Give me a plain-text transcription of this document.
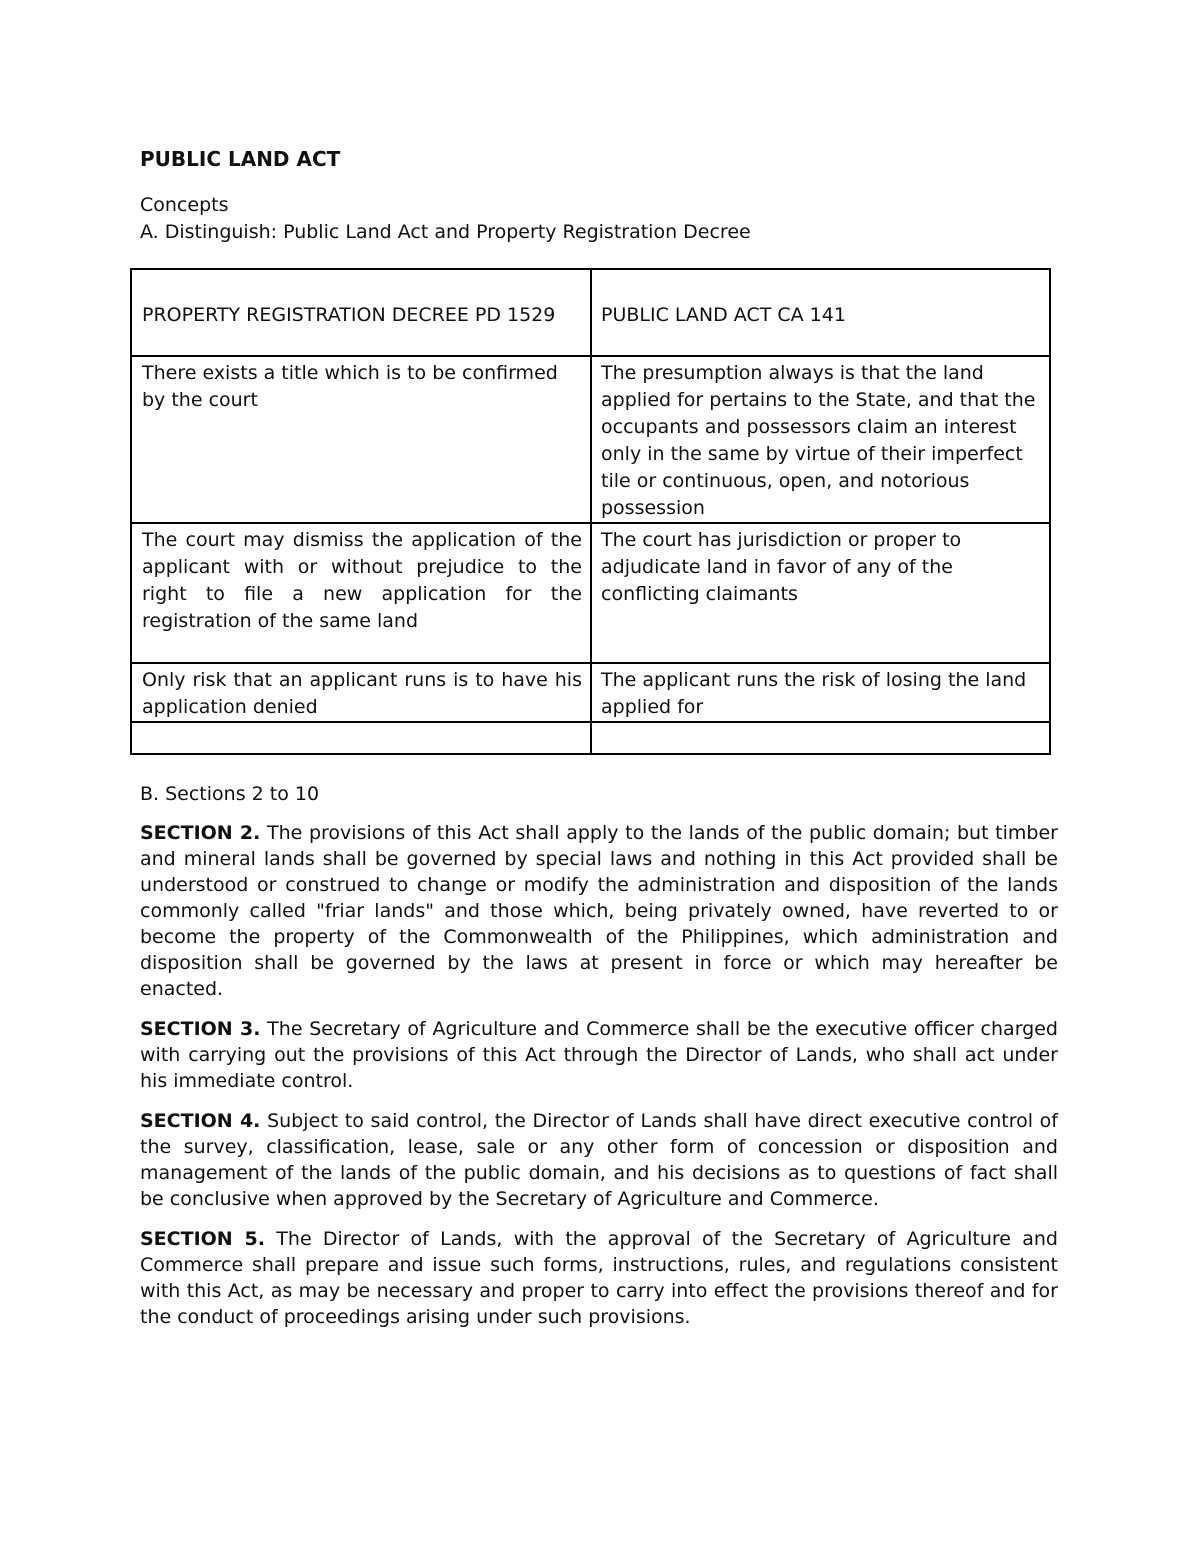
PUBLIC LAND ACT

Concepts

A. Distinguish: Public Land Act and Property Registration Decree

PROPERTY REGISTRATION DECREE PD 1529	PUBLIC LAND ACT CA 141
There exists a title which is to be confirmed by the court	The presumption always is that the land applied for pertains to the State, and that the occupants and possessors claim an interest only in the same by virtue of their imperfect tile or continuous, open, and notorious possession
The court may dismiss the application of the applicant with or without prejudice to the right to file a new application for the registration of the same land	The court has jurisdiction or proper to adjudicate land in favor of any of the conflicting claimants
Only risk that an applicant runs is to have his application denied	The applicant runs the risk of losing the land applied for

B. Sections 2 to 10

SECTION 2. The provisions of this Act shall apply to the lands of the public domain; but timber and mineral lands shall be governed by special laws and nothing in this Act provided shall be understood or construed to change or modify the administration and disposition of the lands commonly called "friar lands" and those which, being privately owned, have reverted to or become the property of the Commonwealth of the Philippines, which administration and disposition shall be governed by the laws at present in force or which may hereafter be enacted.

SECTION 3. The Secretary of Agriculture and Commerce shall be the executive officer charged with carrying out the provisions of this Act through the Director of Lands, who shall act under his immediate control.

SECTION 4. Subject to said control, the Director of Lands shall have direct executive control of the survey, classification, lease, sale or any other form of concession or disposition and management of the lands of the public domain, and his decisions as to questions of fact shall be conclusive when approved by the Secretary of Agriculture and Commerce.

SECTION 5. The Director of Lands, with the approval of the Secretary of Agriculture and Commerce shall prepare and issue such forms, instructions, rules, and regulations consistent with this Act, as may be necessary and proper to carry into effect the provisions thereof and for the conduct of proceedings arising under such provisions.
